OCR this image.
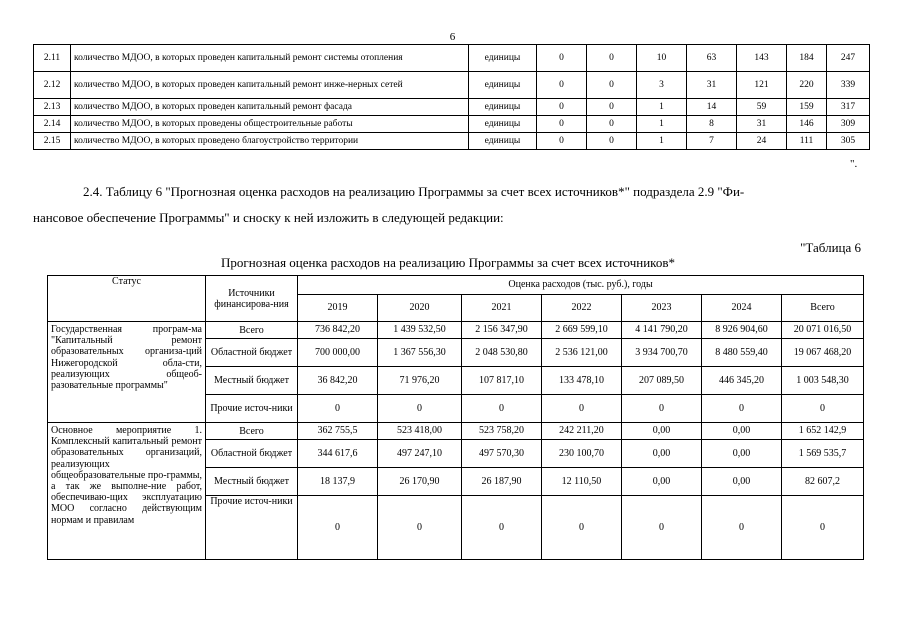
6
2.11	количество МДОО, в которых проведен капитальный ремонт системы отопления	единицы	0	0	10	63	143	184	247
2.12	количество МДОО, в которых проведен капитальный ремонт инже-нерных сетей	единицы	0	0	3	31	121	220	339
2.13	количество МДОО, в которых проведен капитальный ремонт фасада	единицы	0	0	1	14	59	159	317
2.14	количество МДОО, в которых проведены общестроительные работы	единицы	0	0	1	8	31	146	309
2.15	количество МДОО, в которых проведено благоустройство территории	единицы	0	0	1	7	24	111	305
".
2.4. Таблицу 6 "Прогнозная оценка расходов на реализацию Программы за счет всех источников*" подраздела 2.9 "Фи-
нансовое обеспечение Программы" и сноску к ней изложить в следующей редакции:
"Таблица 6
Прогнозная оценка расходов на реализацию Программы за счет всех источников*
Статус	Источники финансирова-ния	Оценка расходов (тыс. руб.), годы						
		2019	2020	2021	2022	2023	2024	Всего
Государственная програм-ма "Капитальный ремонт образовательных организа-ций Нижегородской обла-сти, реализующих общеоб-разовательные программы"	Всего	736 842,20	1 439 532,50	2 156 347,90	2 669 599,10	4 141 790,20	8 926 904,60	20 071 016,50
	Областной бюджет	700 000,00	1 367 556,30	2 048 530,80	2 536 121,00	3 934 700,70	8 480 559,40	19 067 468,20
	Местный бюджет	36 842,20	71 976,20	107 817,10	133 478,10	207 089,50	446 345,20	1 003 548,30
	Прочие источ-ники	0	0	0	0	0	0	0
Основное мероприятие 1. Комплексный капитальный ремонт образовательных организаций, реализующих общеобразовательные про-граммы, а так же выполне-ние работ, обеспечиваю-щих эксплуатацию МОО согласно действующим нормам и правилам	Всего	362 755,5	523 418,00	523 758,20	242 211,20	0,00	0,00	1 652 142,9
	Областной бюджет	344 617,6	497 247,10	497 570,30	230 100,70	0,00	0,00	1 569 535,7
	Местный бюджет	18 137,9	26 170,90	26 187,90	12 110,50	0,00	0,00	82 607,2
	Прочие источ-ники	0	0	0	0	0	0	0
